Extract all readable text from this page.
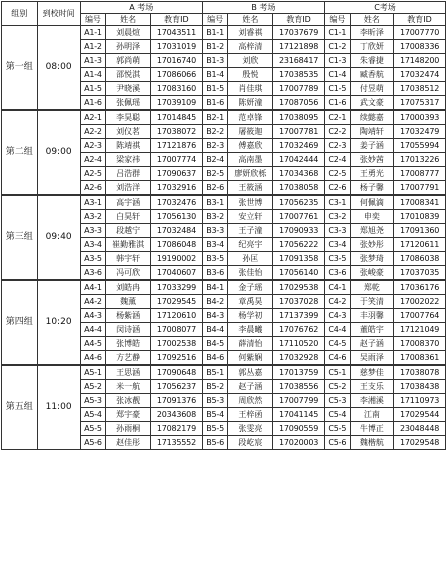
组别	到校时间	A 考场			B 考场			C考场		
		编号	姓名	教育ID	编号	姓名	教育ID	编号	姓名	教育ID
第一组	08:00	A1-1	刘晨煊	17043511	B1-1	刘睿祺	17037679	C1-1	李昕泽	17007770
		A1-2	孙明泽	17031019	B1-2	高梓清	17121898	C1-2	丁欣妍	17008336
		A1-3	郭尚萌	17016740	B1-3	刘欣	23168417	C1-3	朱睿捷	17148200
		A1-4	邵悦淇	17086066	B1-4	殷悦	17038535	C1-4	臧香航	17032474
		A1-5	尹晓溪	17083160	B1-5	肖佳琪	17007789	C1-5	付昱萌	17038512
		A1-6	张佩瑶	17039109	B1-6	陈妍潼	17087056	C1-6	武文豪	17075317

第二组	09:00	A2-1	李昊聪	17014845	B2-1	范卓锋	17038095	C2-1	续懿嘉	17000393
		A2-2	刘仪茗	17038072	B2-2	屠筱迦	17007781	C2-2	陶靖轩	17032479
		A2-3	陈靖祺	17121876	B2-3	傅嘉欣	17032469	C2-3	姜子涵	17055994
		A2-4	梁家祎	17007774	B2-4	高南墨	17042444	C2-4	张妙茜	17013226
		A2-5	吕浩群	17090637	B2-5	廖妍欣栎	17034368	C2-5	王勇光	17008777
		A2-6	刘浩洋	17032916	B2-6	王筱涵	17038058	C2-6	杨子馨	17007791

第三组	09:40	A3-1	高宇涵	17032476	B3-1	张世博	17056235	C3-1	何佩滴	17008341
		A3-2	白昊轩	17056130	B3-2	安立轩	17007761	C3-2	申奕	17010839
		A3-3	段越宁	17032484	B3-3	王子潼	17090933	C3-3	郑旭尧	17091360
		A3-4	崔勤雅淇	17086048	B3-4	纪亮宇	17056222	C3-4	张妙彤	17120611
		A3-5	韩宇轩	19190002	B3-5	孙匡	17091358	C3-5	张梦琦	17086038
		A3-6	冯可欣	17040607	B3-6	张佳怡	17056140	C3-6	张峻豪	17037035

第四组	10:20	A4-1	刘皓冉	17033299	B4-1	金子瑶	17029538	C4-1	郑乾	17036176
		A4-2	魏薰	17029545	B4-2	章禹昊	17037028	C4-2	于笑清	17002022
		A4-3	杨紫涵	17120610	B4-3	杨学初	17137399	C4-3	丰羽馨	17007764
		A4-4	闵诗涵	17008077	B4-4	李晨曦	17076762	C4-4	董皓宇	17121049
		A4-5	张博皓	17002538	B4-5	薛清怡	17110520	C4-5	赵子涵	17008370
		A4-6	方艺静	17092516	B4-6	何紫娴	17032928	C4-6	吴雨泽	17008361

第五组	11:00	A5-1	王思涵	17090648	B5-1	郭丛嘉	17013759	C5-1	慈梦佳	17038078
		A5-2	米一航	17056237	B5-2	赵子涵	17038556	C5-2	王支乐	17038438
		A5-3	张冰靓	17091376	B5-3	周欣然	17007799	C5-3	李湘溪	17110973
		A5-4	郑宇豪	20343608	B5-4	王梓函	17041145	C5-4	江南	17029544
		A5-5	孙雨桐	17082179	B5-5	张雯亮	17090559	C5-5	牛博正	23048448
		A5-6	赵佳彤	17135552	B5-6	段屹宸	17020003	C5-6	魏楷航	17029548
